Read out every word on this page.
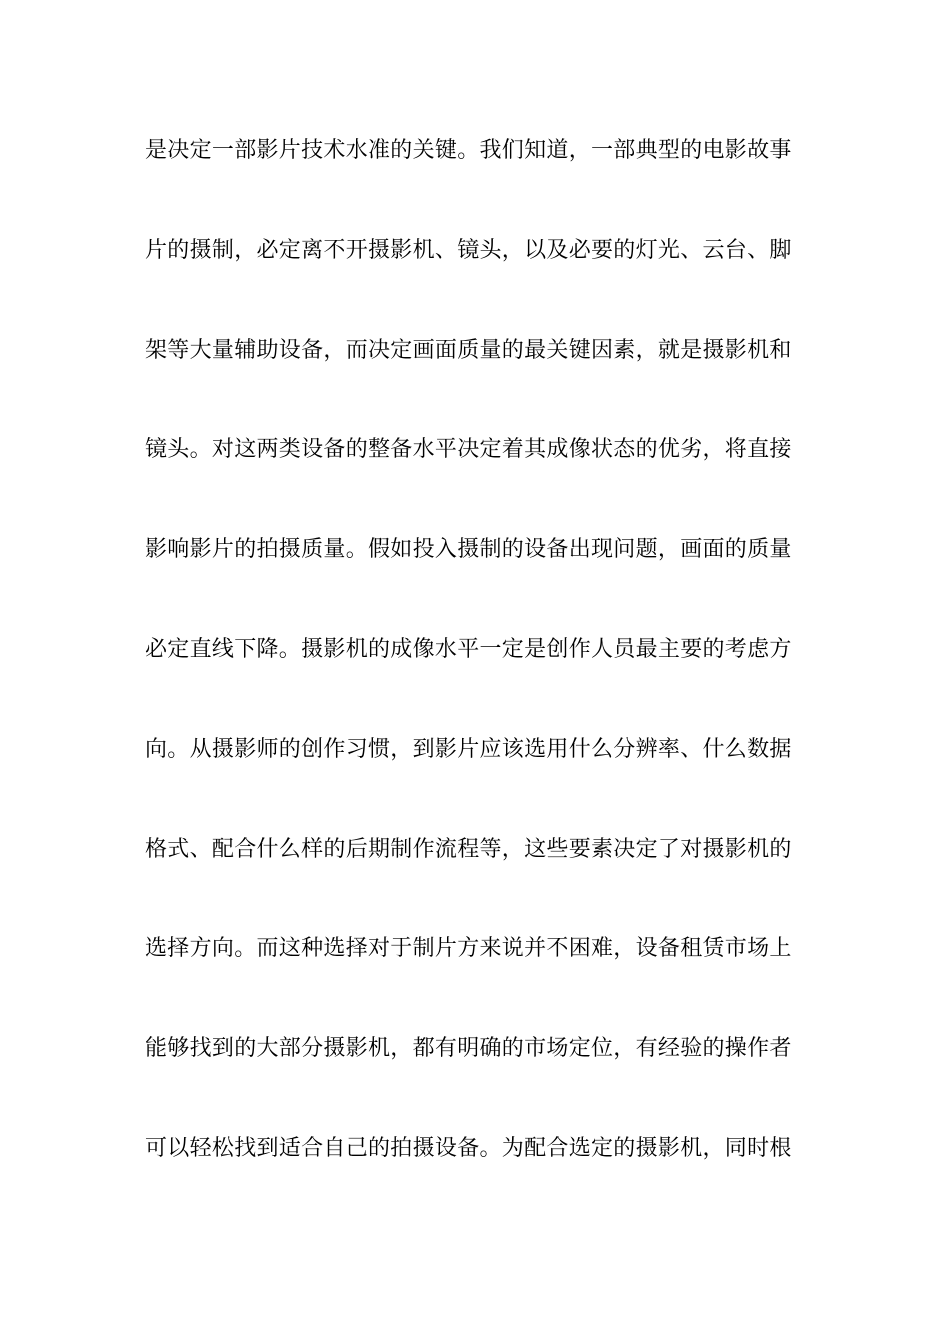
是决定一部影片技术水准的关键。我们知道，一部典型的电影故事
片的摄制，必定离不开摄影机、镜头，以及必要的灯光、云台、脚
架等大量辅助设备，而决定画面质量的最关键因素，就是摄影机和
镜头。对这两类设备的整备水平决定着其成像状态的优劣，将直接
影响影片的拍摄质量。假如投入摄制的设备出现问题，画面的质量
必定直线下降。摄影机的成像水平一定是创作人员最主要的考虑方
向。从摄影师的创作习惯，到影片应该选用什么分辨率、什么数据
格式、配合什么样的后期制作流程等，这些要素决定了对摄影机的
选择方向。而这种选择对于制片方来说并不困难，设备租赁市场上
能够找到的大部分摄影机，都有明确的市场定位，有经验的操作者
可以轻松找到适合自己的拍摄设备。为配合选定的摄影机，同时根
